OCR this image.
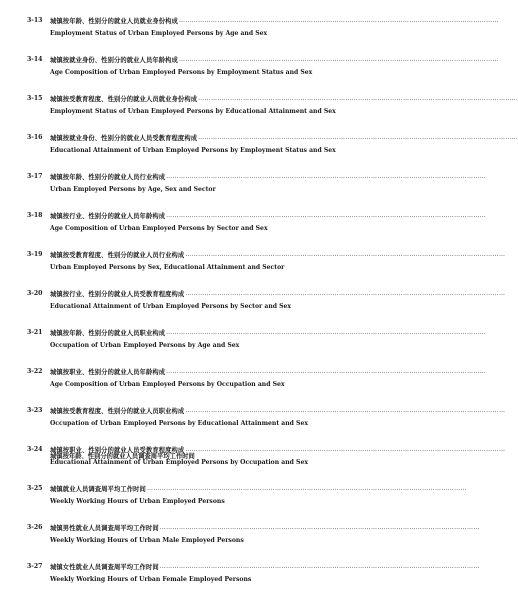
3-13	城镇按年龄、性别分的就业人员就业身份构成 ……………………………………………………………………………………………………………………………………
Employment Status of Urban Employed Persons by Age and Sex
3-14	城镇按就业身份、性别分的就业人员年龄构成 ……………………………………………………………………………………………………………………………………
Age Composition of Urban Employed Persons by Employment Status and Sex
3-15	城镇按受教育程度、性别分的就业人员就业身份构成 ……………………………………………………………………………………………………………………………………
Employment Status of Urban Employed Persons by Educational Attainment and Sex
3-16	城镇按就业身份、性别分的就业人员受教育程度构成 ……………………………………………………………………………………………………………………………………
Educational Attainment of Urban Employed Persons by Employment Status and Sex
3-17	城镇按年龄、性别分的就业人员行业构成 ……………………………………………………………………………………………………………………………………
Urban Employed Persons by Age, Sex and Sector
3-18	城镇按行业、性别分的就业人员年龄构成 ……………………………………………………………………………………………………………………………………
Age Composition of Urban Employed Persons by Sector and Sex
3-19	城镇按受教育程度、性别分的就业人员行业构成 ……………………………………………………………………………………………………………………………………
Urban Employed Persons by Sex, Educational Attainment and Sector
3-20	城镇按行业、性别分的就业人员受教育程度构成 ……………………………………………………………………………………………………………………………………
Educational Attainment of Urban Employed Persons by Sector and Sex
3-21	城镇按年龄、性别分的就业人员职业构成 ……………………………………………………………………………………………………………………………………
Occupation of Urban Employed Persons by Age and Sex
3-22	城镇按职业、性别分的就业人员年龄构成 ……………………………………………………………………………………………………………………………………
Age Composition of Urban Employed Persons by Occupation and Sex
3-23	城镇按受教育程度、性别分的就业人员职业构成 ……………………………………………………………………………………………………………………………………
Occupation of Urban Employed Persons by Educational Attainment and Sex
3-24	城镇按职业、性别分的就业人员受教育程度构成 ……………………………………………………………………………………………………………………………………
Educational Attainment of Urban Employed Persons by Occupation and Sex
3-25	城镇就业人员调查周平均工作时间 ……………………………………………………………………………………………………………………………………
Weekly Working Hours of Urban Employed Persons
3-26	城镇男性就业人员调查周平均工作时间 ……………………………………………………………………………………………………………………………………
Weekly Working Hours of Urban Male Employed Persons
3-27	城镇女性就业人员调查周平均工作时间 ……………………………………………………………………………………………………………………………………
Weekly Working Hours of Urban Female Employed Persons
城镇按年龄、性别分的就业人员调查周平均工作时间
